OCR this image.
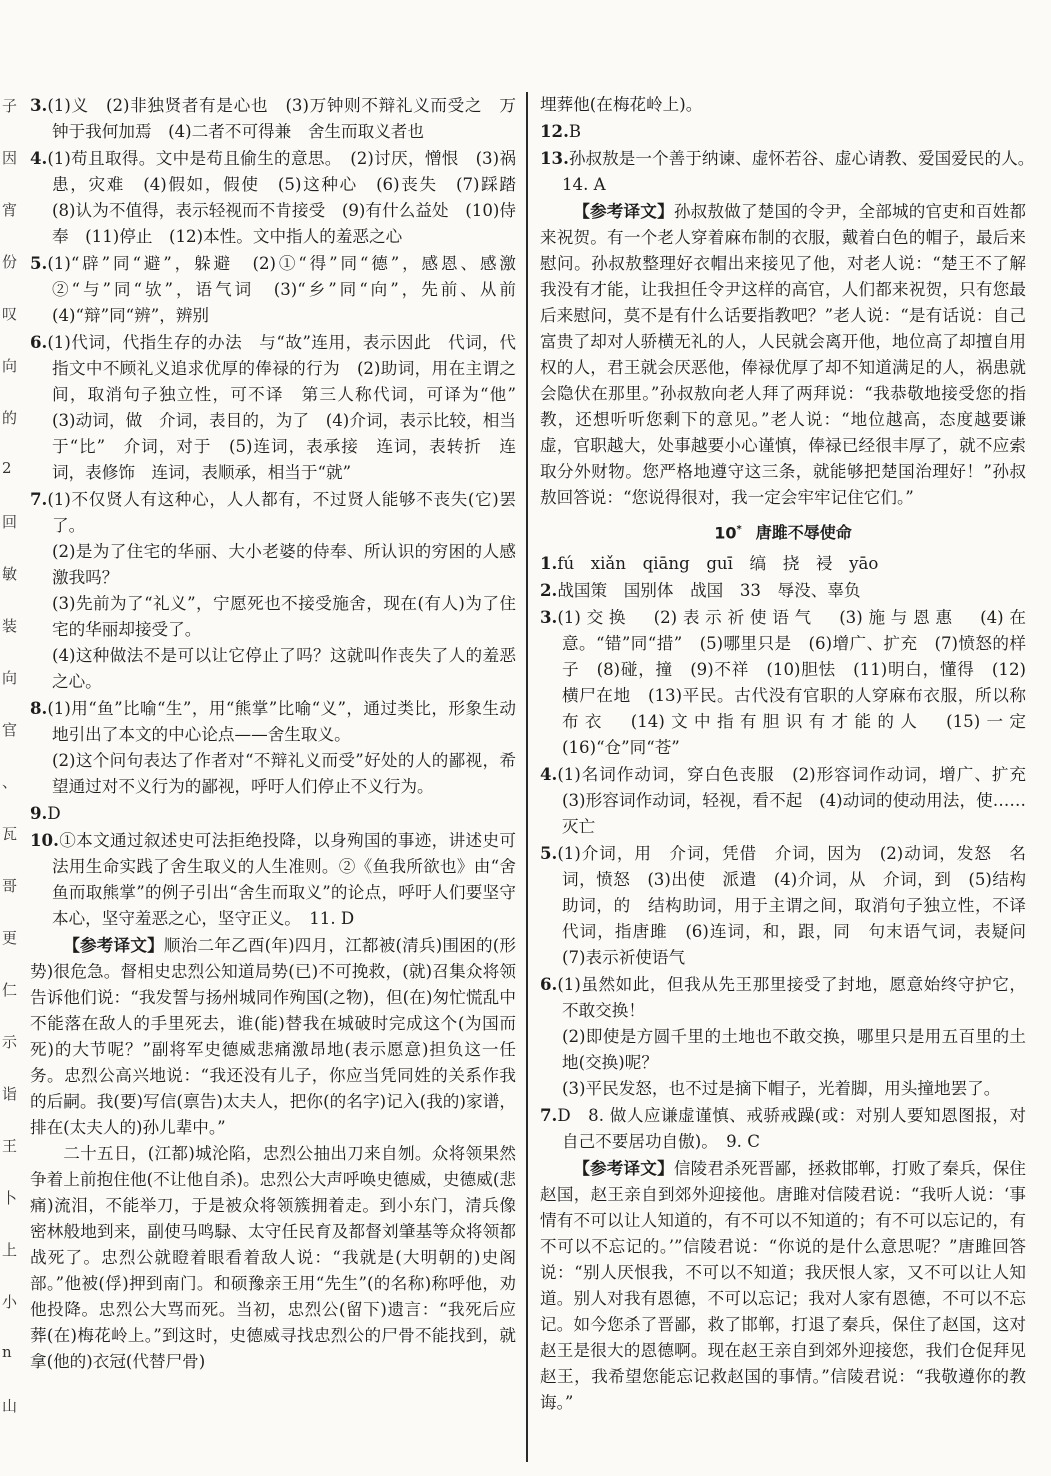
子
因
宵
份
叹
向
的
2
回
敏
装
向
官
、
瓦
哥
更
仁
示
诣
王
卜
上
小
n
山

3.(1)义　(2)非独贤者有是心也　(3)万钟则不辩礼义而受之　万钟于我何加焉　(4)二者不可得兼　舍生而取义者也

4.(1)苟且取得。文中是苟且偷生的意思。　(2)讨厌，憎恨　(3)祸患，灾难　(4)假如，假使　(5)这种心　(6)丧失　(7)踩踏　(8)认为不值得，表示轻视而不肯接受　(9)有什么益处　(10)侍奉　(11)停止　(12)本性。文中指人的羞恶之心

5.(1)“辟”同“避”，躲避　(2)①“得”同“德”，感恩、感激　②“与”同“欤”，语气词　(3)“乡”同“向”，先前、从前　(4)“辩”同“辨”，辨别

6.(1)代词，代指生存的办法　与“故”连用，表示因此　代词，代指文中不顾礼义追求优厚的俸禄的行为　(2)助词，用在主谓之间，取消句子独立性，可不译　第三人称代词，可译为“他”　(3)动词，做　介词，表目的，为了　(4)介词，表示比较，相当于“比”　介词，对于　(5)连词，表承接　连词，表转折　连词，表修饰　连词，表顺承，相当于“就”

7.(1)不仅贤人有这种心，人人都有，不过贤人能够不丧失(它)罢了。

(2)是为了住宅的华丽、大小老婆的侍奉、所认识的穷困的人感激我吗？

(3)先前为了“礼义”，宁愿死也不接受施舍，现在(有人)为了住宅的华丽却接受了。

(4)这种做法不是可以让它停止了吗？这就叫作丧失了人的羞恶之心。

8.(1)用“鱼”比喻“生”，用“熊掌”比喻“义”，通过类比，形象生动地引出了本文的中心论点——舍生取义。

(2)这个问句表达了作者对“不辩礼义而受”好处的人的鄙视，希望通过对不义行为的鄙视，呼吁人们停止不义行为。

9.D

10.①本文通过叙述史可法拒绝投降，以身殉国的事迹，讲述史可法用生命实践了舍生取义的人生准则。②《鱼我所欲也》由“舍鱼而取熊掌”的例子引出“舍生而取义”的论点，呼吁人们要坚守本心，坚守羞恶之心，坚守正义。　11. D

【参考译文】顺治二年乙酉(年)四月，江都被(清兵)围困的(形势)很危急。督相史忠烈公知道局势(已)不可挽救，(就)召集众将领告诉他们说：“我发誓与扬州城同作殉国(之物)，但(在)匆忙慌乱中不能落在敌人的手里死去，谁(能)替我在城破时完成这个(为国而死)的大节呢？”副将军史德威悲痛激昂地(表示愿意)担负这一任务。忠烈公高兴地说：“我还没有儿子，你应当凭同姓的关系作我的后嗣。我(要)写信(禀告)太夫人，把你(的名字)记入(我的)家谱，排在(太夫人的)孙儿辈中。”

二十五日，(江都)城沦陷，忠烈公抽出刀来自刎。众将领果然争着上前抱住他(不让他自杀)。忠烈公大声呼唤史德威，史德威(悲痛)流泪，不能举刀，于是被众将领簇拥着走。到小东门，清兵像密林般地到来，副使马鸣騄、太守任民育及都督刘肇基等众将领都战死了。忠烈公就瞪着眼看着敌人说：“我就是(大明朝的)史阁部。”他被(俘)押到南门。和硕豫亲王用“先生”(的名称)称呼他，劝他投降。忠烈公大骂而死。当初，忠烈公(留下)遗言：“我死后应葬(在)梅花岭上。”到这时，史德威寻找忠烈公的尸骨不能找到，就拿(他的)衣冠(代替尸骨)

埋葬他(在梅花岭上)。

12.B

13.孙叔敖是一个善于纳谏、虚怀若谷、虚心请教、爱国爱民的人。　14. A

【参考译文】孙叔敖做了楚国的令尹，全部城的官吏和百姓都来祝贺。有一个老人穿着麻布制的衣服，戴着白色的帽子，最后来慰问。孙叔敖整理好衣帽出来接见了他，对老人说：“楚王不了解我没有才能，让我担任令尹这样的高官，人们都来祝贺，只有您最后来慰问，莫不是有什么话要指教吧？”老人说：“是有话说：自己富贵了却对人骄横无礼的人，人民就会离开他，地位高了却擅自用权的人，君王就会厌恶他，俸禄优厚了却不知道满足的人，祸患就会隐伏在那里。”孙叔敖向老人拜了两拜说：“我恭敬地接受您的指教，还想听听您剩下的意见。”老人说：“地位越高，态度越要谦虚，官职越大，处事越要小心谨慎，俸禄已经很丰厚了，就不应索取分外财物。您严格地遵守这三条，就能够把楚国治理好！”孙叔敖回答说：“您说得很对，我一定会牢牢记住它们。”

10* 唐雎不辱使命

1.fú　xiǎn　qiāng　guī　缟　挠　祲　yāo

2.战国策　国别体　战国　33　辱没、辜负

3.(1)交换　(2)表示祈使语气　(3)施与恩惠　(4)在意。“错”同“措”　(5)哪里只是　(6)增广、扩充　(7)愤怒的样子　(8)碰，撞　(9)不祥　(10)胆怯　(11)明白，懂得　(12)横尸在地　(13)平民。古代没有官职的人穿麻布衣服，所以称布衣　(14)文中指有胆识有才能的人　(15)一定　(16)“仓”同“苍”

4.(1)名词作动词，穿白色丧服　(2)形容词作动词，增广、扩充　(3)形容词作动词，轻视，看不起　(4)动词的使动用法，使……灭亡

5.(1)介词，用　介词，凭借　介词，因为　(2)动词，发怒　名词，愤怒　(3)出使　派遣　(4)介词，从　介词，到　(5)结构助词，的　结构助词，用于主谓之间，取消句子独立性，不译　代词，指唐雎　(6)连词，和，跟，同　句末语气词，表疑问　(7)表示祈使语气

6.(1)虽然如此，但我从先王那里接受了封地，愿意始终守护它，不敢交换！

(2)即使是方圆千里的土地也不敢交换，哪里只是用五百里的土地(交换)呢？

(3)平民发怒，也不过是摘下帽子，光着脚，用头撞地罢了。

7.D　8. 做人应谦虚谨慎、戒骄戒躁(或：对别人要知恩图报，对自己不要居功自傲)。　9. C

【参考译文】信陵君杀死晋鄙，拯救邯郸，打败了秦兵，保住赵国，赵王亲自到郊外迎接他。唐雎对信陵君说：“我听人说：‘事情有不可以让人知道的，有不可以不知道的；有不可以忘记的，有不可以不忘记的。’”信陵君说：“你说的是什么意思呢？”唐雎回答说：“别人厌恨我，不可以不知道；我厌恨人家，又不可以让人知道。别人对我有恩德，不可以忘记；我对人家有恩德，不可以不忘记。如今您杀了晋鄙，救了邯郸，打退了秦兵，保住了赵国，这对赵王是很大的恩德啊。现在赵王亲自到郊外迎接您，我们仓促拜见赵王，我希望您能忘记救赵国的事情。”信陵君说：“我敬遵你的教诲。”
